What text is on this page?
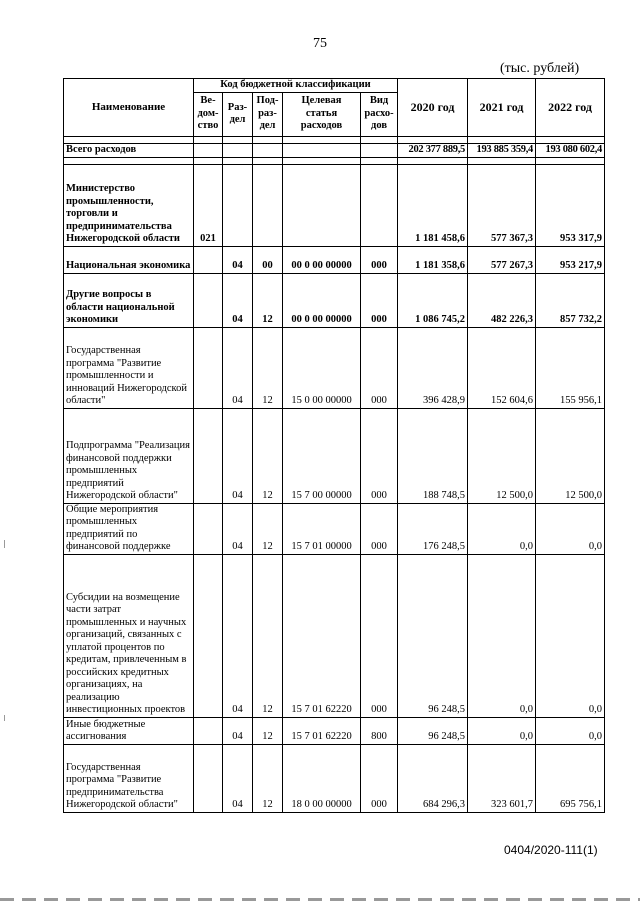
75
(тыс. рублей)
Наименование	Код бюджетной классификации					2020 год	2021 год	2022 год
	Ве-
дом-
ство	Раз-
дел	Под-
раз-
дел	Целевая статья расходов	Вид
расхо-
дов			

Всего расходов						202 377 889,5	193 885 359,4	193 080 602,4

Министерство промышленности, торговли и предпринимательства Нижегородской области	021					1 181 458,6	577 367,3	953 317,9
Национальная экономика		04	00	00 0 00 00000	000	1 181 358,6	577 267,3	953 217,9
Другие вопросы в области национальной экономики		04	12	00 0 00 00000	000	1 086 745,2	482 226,3	857 732,2
Государственная программа "Развитие промышленности и инноваций Нижегородской области"		04	12	15 0 00 00000	000	396 428,9	152 604,6	155 956,1
Подпрограмма "Реализация финансовой поддержки промышленных предприятий Нижегородской области"		04	12	15 7 00 00000	000	188 748,5	12 500,0	12 500,0
Общие мероприятия промышленных предприятий по финансовой поддержке		04	12	15 7 01 00000	000	176 248,5	0,0	0,0
Субсидии на возмещение части затрат промышленных и научных организаций, связанных с уплатой процентов по кредитам, привлеченным в российских кредитных организациях, на реализацию инвестиционных проектов		04	12	15 7 01 62220	000	96 248,5	0,0	0,0
Иные бюджетные ассигнования		04	12	15 7 01 62220	800	96 248,5	0,0	0,0
Государственная программа "Развитие предпринимательства Нижегородской области"		04	12	18 0 00 00000	000	684 296,3	323 601,7	695 756,1
0404/2020-111(1)
